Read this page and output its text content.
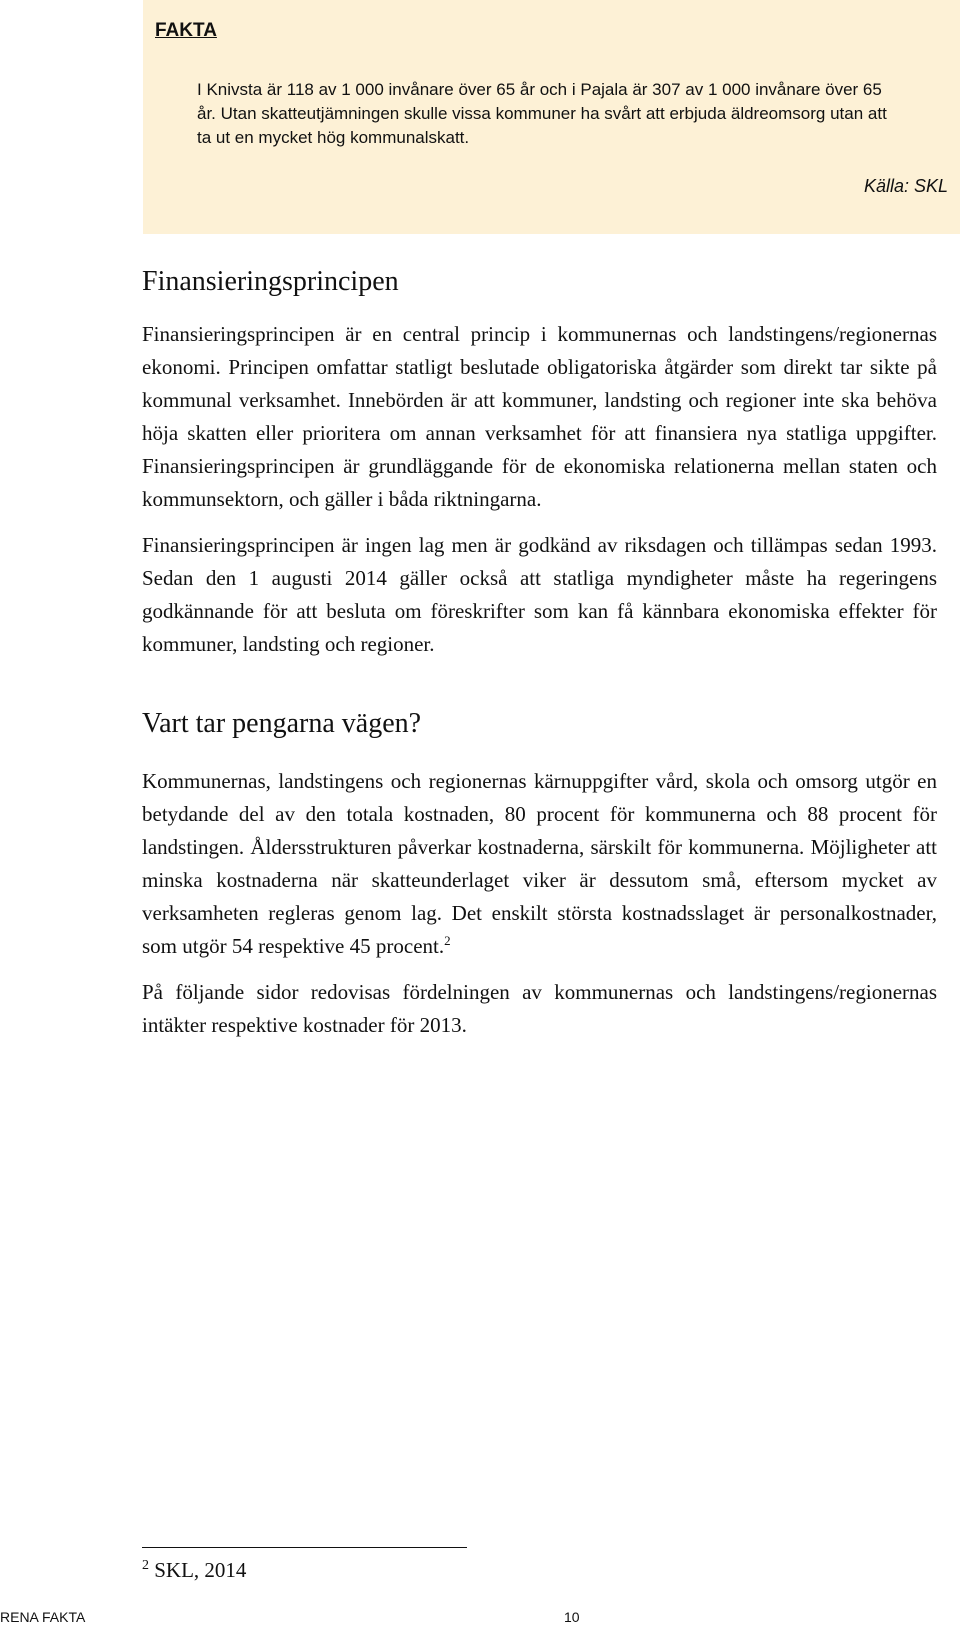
FAKTA
I Knivsta är 118 av 1 000 invånare över 65 år och i Pajala är 307 av 1 000 invånare över 65 år. Utan skatteutjämningen skulle vissa kommuner ha svårt att erbjuda äldreomsorg utan att ta ut en mycket hög kommunalskatt.
Källa: SKL
Finansieringsprincipen

Finansieringsprincipen är en central princip i kommunernas och landstingens/regionernas ekonomi. Principen omfattar statligt beslutade obligatoriska åtgärder som direkt tar sikte på kommunal verksamhet. Innebörden är att kommuner, landsting och regioner inte ska behöva höja skatten eller prioritera om annan verksamhet för att finansiera nya statliga uppgifter. Finansieringsprincipen är grundläggande för de ekonomiska relationerna mellan staten och kommunsektorn, och gäller i båda riktningarna.

Finansieringsprincipen är ingen lag men är godkänd av riksdagen och tillämpas sedan 1993. Sedan den 1 augusti 2014 gäller också att statliga myndigheter måste ha regeringens godkännande för att besluta om föreskrifter som kan få kännbara ekonomiska effekter för kommuner, landsting och regioner.

Vart tar pengarna vägen?

Kommunernas, landstingens och regionernas kärnuppgifter vård, skola och omsorg utgör en betydande del av den totala kostnaden, 80 procent för kommunerna och 88 procent för landstingen. Åldersstrukturen påverkar kostnaderna, särskilt för kommunerna. Möjligheter att minska kostnaderna när skatteunderlaget viker är dessutom små, eftersom mycket av verksamheten regleras genom lag. Det enskilt största kostnadsslaget är personalkostnader, som utgör 54 respektive 45 procent.$^2$

På följande sidor redovisas fördelningen av kommunernas och landstingens/regionernas intäkter respektive kostnader för 2013.

$^2$ SKL, 2014
RENA FAKTA	10
